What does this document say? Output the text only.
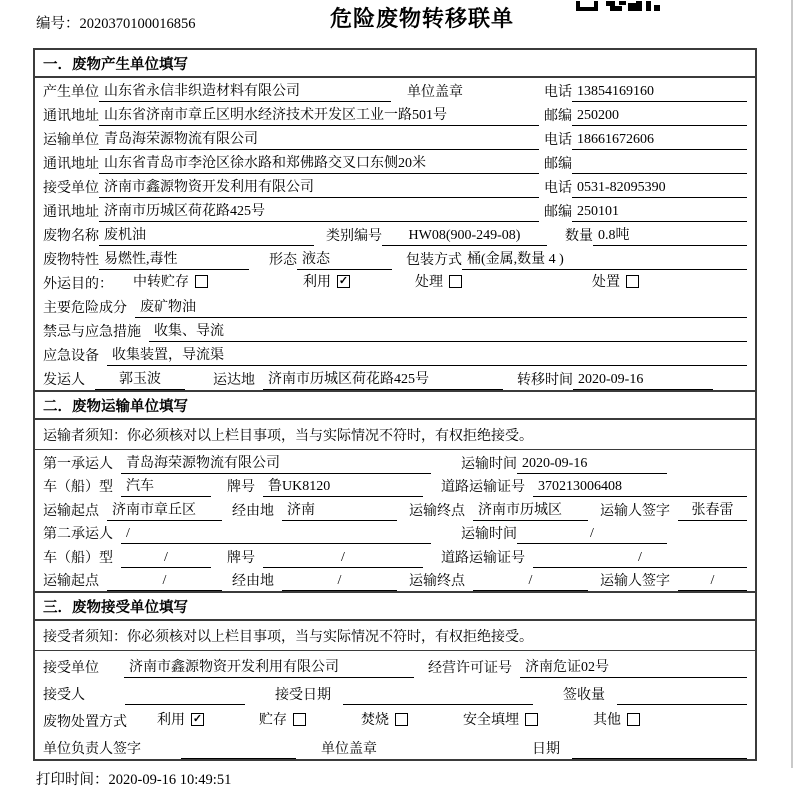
编号：2020370100016856	危险废物转移联单
一．废物产生单位填写
产生单位 山东省永信非织造材料有限公司	单位盖章	电话 13854169160
通讯地址 山东省济南市章丘区明水经济技术开发区工业一路501号	邮编 250200
运输单位 青岛海荣源物流有限公司	电话 18661672606
通讯地址 山东省青岛市李沧区徐水路和郑佛路交叉口东侧20米	邮编
接受单位 济南市鑫源物资开发利用有限公司	电话 0531-82095390
通讯地址 济南市历城区荷花路425号	邮编 250101
废物名称 废机油	类别编号	HW08(900-249-08)	数量 0.8吨
废物特性 易燃性,毒性	形态 液态	包装方式 桶(金属,数量 4 )
外运目的： 中转贮存	利用 ✓	处理	处置
主要危险成分 废矿物油
禁忌与应急措施 收集、导流
应急设备 收集装置，导流渠
发运人	郭玉波	运达地 济南市历城区荷花路425号	转移时间 2020-09-16
二．废物运输单位填写
运输者须知：你必须核对以上栏目事项，当与实际情况不符时，有权拒绝接受。
第一承运人 青岛海荣源物流有限公司	运输时间 2020-09-16
车（船）型 汽车	牌号 鲁UK8120	道路运输证号 370213006408
运输起点 济南市章丘区	经由地 济南	运输终点 济南市历城区	运输人签字	张春雷
第二承运人 /	运输时间	/
车（船）型	/	牌号	/	道路运输证号	/
运输起点	/	经由地	/	运输终点	/	运输人签字	/
三．废物接受单位填写
接受者须知：你必须核对以上栏目事项，当与实际情况不符时，有权拒绝接受。
接受单位	济南市鑫源物资开发利用有限公司	经营许可证号 济南危证02号
接受人	接受日期	签收量
废物处置方式 利用 ✓	贮存	焚烧	安全填埋	其他
单位负责人签字	单位盖章	日期
打印时间：2020-09-16 10:49:51
